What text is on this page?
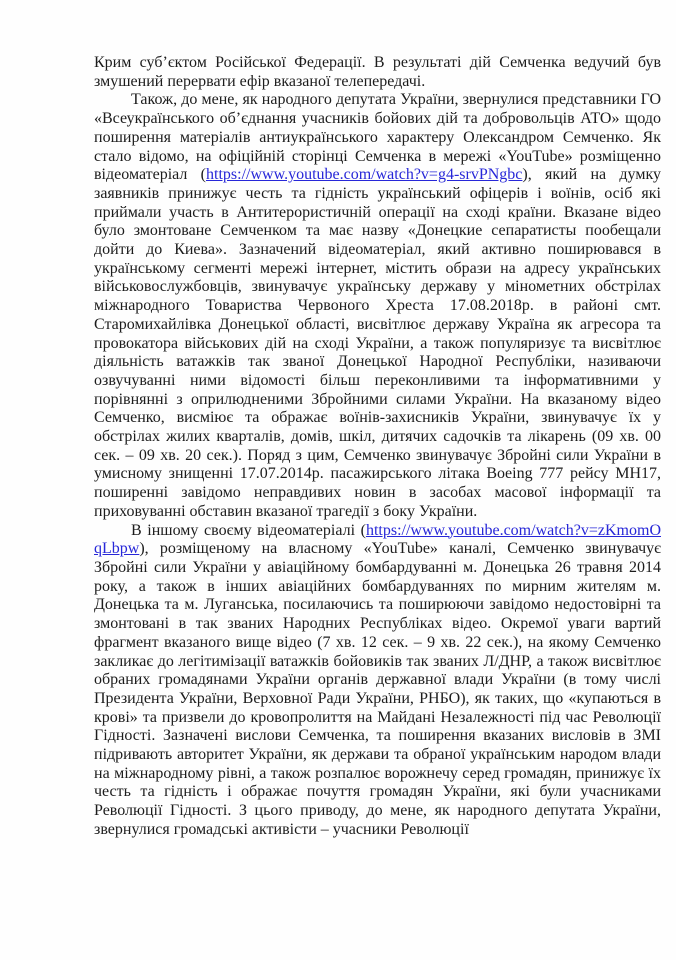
Крим суб’єктом Російської Федерації. В результаті дій Семченка ведучий був змушений перервати ефір вказаної телепередачі.

Також, до мене, як народного депутата України, звернулися представники ГО «Всеукраїнського об’єднання учасників бойових дій та добровольців АТО» щодо поширення матеріалів антиукраїнського характеру Олександром Семченко. Як стало відомо, на офіційній сторінці Семченка в мережі «YouTube» розміщенно відеоматеріал (https://www.youtube.com/watch?v=g4-srvPNgbc), який на думку заявників принижує честь та гідність український офіцерів і воїнів, осіб які приймали участь в Антитерористичній операції на сході країни. Вказане відео було змонтоване Семченком та має назву «Донецкие сепаратисты пообещали дойти до Киева». Зазначений відеоматеріал, який активно поширювався в українському сегменті мережі інтернет, містить образи на адресу українських військовослужбовців, звинувачує українську державу у мінометних обстрілах міжнародного Товариства Червоного Хреста 17.08.2018р. в районі смт. Старомихайлівка Донецької області, висвітлює державу Україна як агресора та провокатора військових дій на сході України, а також популяризує та висвітлює діяльність ватажків так званої Донецької Народної Республіки, називаючи озвучуванні ними відомості більш переконливими та інформативними у порівнянні з оприлюдненими Збройними силами України. На вказаному відео Семченко, висміює та ображає воїнів-захисників України, звинувачує їх у обстрілах жилих кварталів, домів, шкіл, дитячих садочків та лікарень (09 хв. 00 сек. – 09 хв. 20 сек.). Поряд з цим, Семченко звинувачує Збройні сили України в умисному знищенні 17.07.2014р. пасажирського літака Boeing 777 рейсу MH17, поширенні завідомо неправдивих новин в засобах масової інформації та приховуванні обставин вказаної трагедії з боку України.

В іншому своєму відеоматеріалі (https://www.youtube.com/watch?v=zKmomOqLbpw), розміщеному на власному «YouTube» каналі, Семченко звинувачує Збройні сили України у авіаційному бомбардуванні м. Донецька 26 травня 2014 року, а також в інших авіаційних бомбардуваннях по мирним жителям м. Донецька та м. Луганська, посилаючись та поширюючи завідомо недостовірні та змонтовані в так званих Народних Республіках відео. Окремої уваги вартий фрагмент вказаного вище відео (7 хв. 12 сек. – 9 хв. 22 сек.), на якому Семченко закликає до легітимізації ватажків бойовиків так званих Л/ДНР, а також висвітлює обраних громадянами України органів державної влади України (в тому числі Президента України, Верховної Ради України, РНБО), як таких, що «купаються в крові» та призвели до кровопролиття на Майдані Незалежності під час Революції Гідності. Зазначені вислови Семченка, та поширення вказаних висловів в ЗМІ підривають авторитет України, як держави та обраної українським народом влади на міжнародному рівні, а також розпалює ворожнечу серед громадян, принижує їх честь та гідність і ображає почуття громадян України, які були учасниками Революції Гідності. З цього приводу, до мене, як народного депутата України, звернулися громадські активісти – учасники Революції
